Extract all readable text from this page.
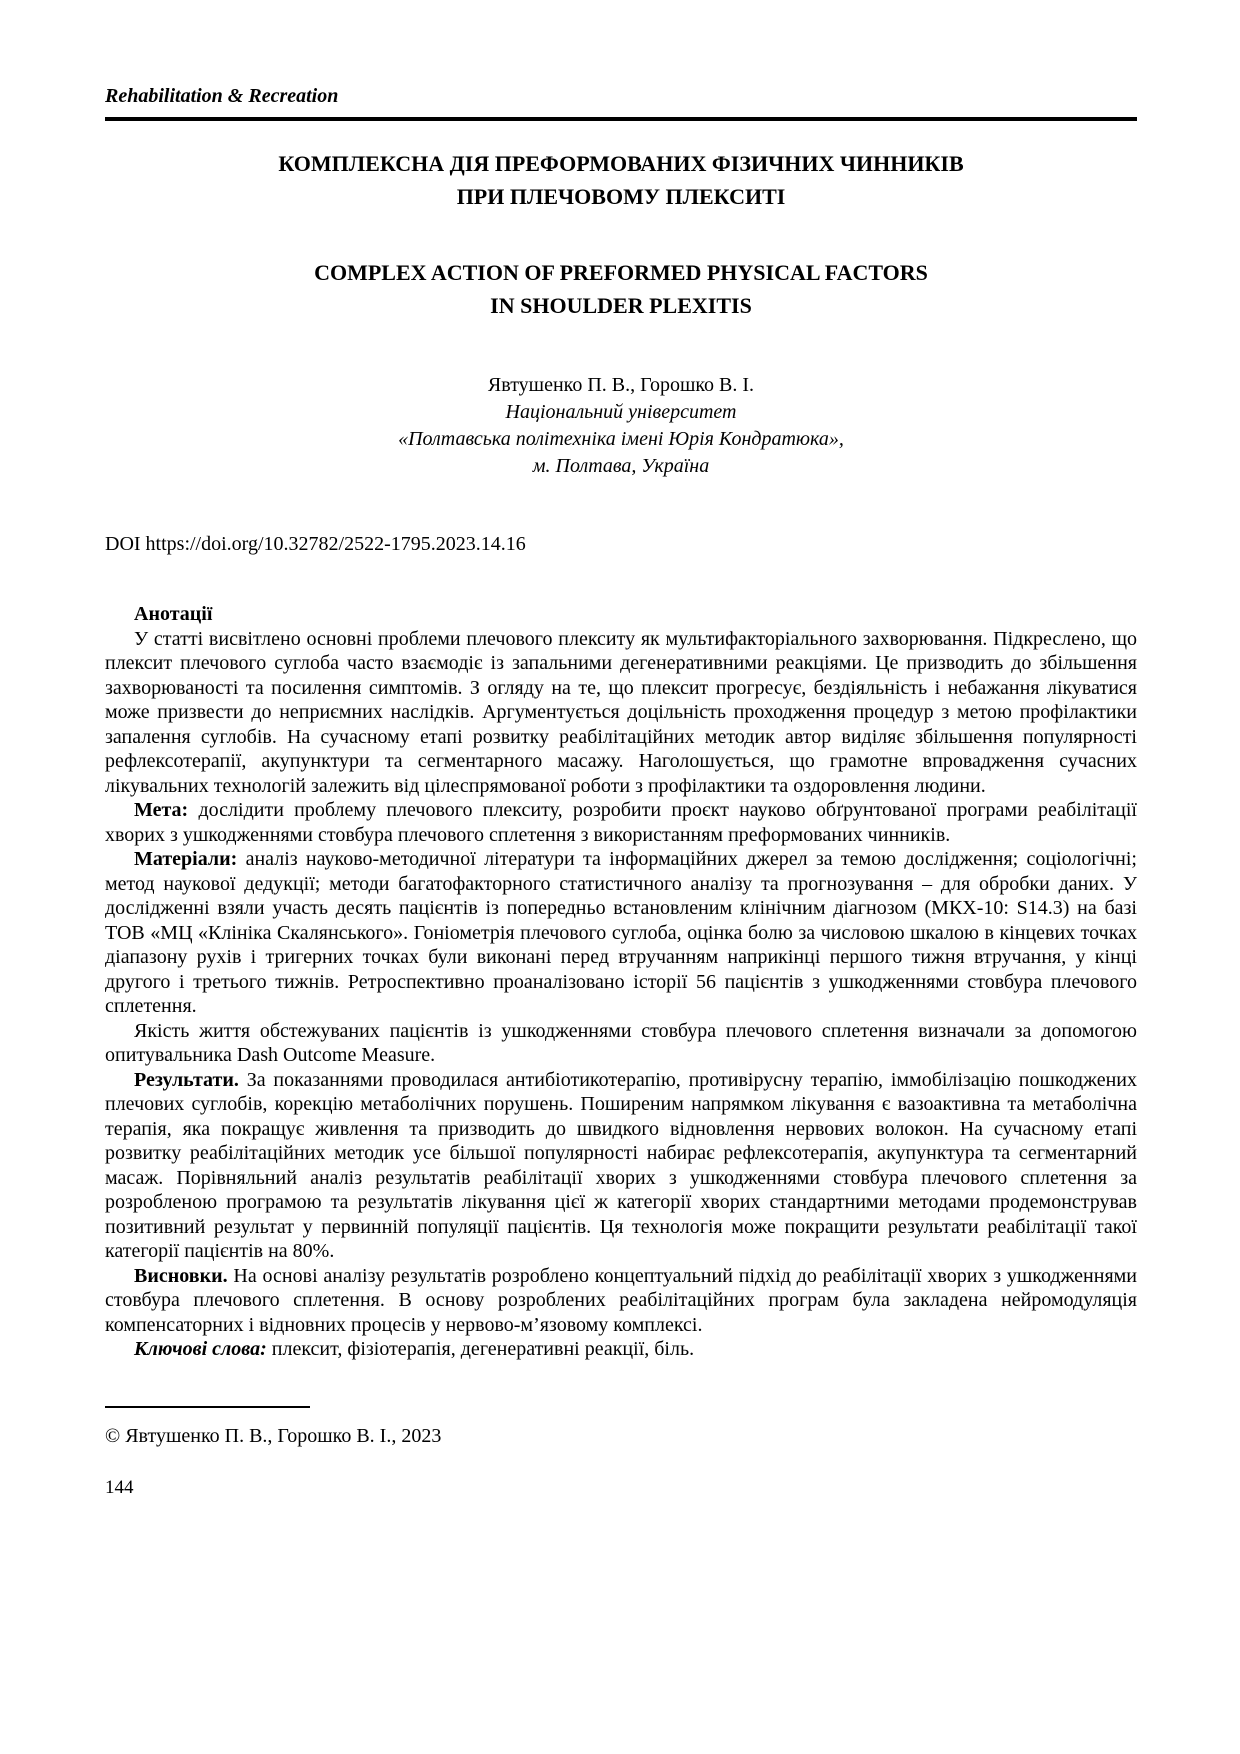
Rehabilitation & Recreation
КОМПЛЕКСНА ДІЯ ПРЕФОРМОВАНИХ ФІЗИЧНИХ ЧИННИКІВ
ПРИ ПЛЕЧОВОМУ ПЛЕКСИТІ
COMPLEX ACTION OF PREFORMED PHYSICAL FACTORS
IN SHOULDER PLEXITIS

Явтушенко П. В., Горошко В. І.

Національний університет
«Полтавська політехніка імені Юрія Кондратюка»,
м. Полтава, Україна

DOI https://doi.org/10.32782/2522-1795.2023.14.16

Анотації

У статті висвітлено основні проблеми плечового плекситу як мультифакторіального захворювання. Підкреслено, що плексит плечового суглоба часто взаємодіє із запальними дегенеративними реакціями. Це призводить до збільшення захворюваності та посилення симптомів. З огляду на те, що плексит прогресує, бездіяльність і небажання лікуватися може призвести до неприємних наслідків. Аргументується доцільність проходження процедур з метою профілактики запалення суглобів. На сучасному етапі розвитку реабілітаційних методик автор виділяє збільшення популярності рефлексотерапії, акупунктури та сегментарного масажу. Наголошується, що грамотне впровадження сучасних лікувальних технологій залежить від цілеспрямованої роботи з профілактики та оздоровлення людини.

Мета: дослідити проблему плечового плекситу, розробити проєкт науково обґрунтованої програми реабілітації хворих з ушкодженнями стовбура плечового сплетення з використанням преформованих чинників.

Матеріали: аналіз науково-методичної літератури та інформаційних джерел за темою дослідження; соціологічні; метод наукової дедукції; методи багатофакторного статистичного аналізу та прогнозування – для обробки даних. У дослідженні взяли участь десять пацієнтів із попередньо встановленим клінічним діагнозом (МКХ-10: S14.3) на базі ТОВ «МЦ «Клініка Скалянського». Гоніометрія плечового суглоба, оцінка болю за числовою шкалою в кінцевих точках діапазону рухів і тригерних точках були виконані перед втручанням наприкінці першого тижня втручання, у кінці другого і третього тижнів. Ретроспективно проаналізовано історії 56 пацієнтів з ушкодженнями стовбура плечового сплетення.

Якість життя обстежуваних пацієнтів із ушкодженнями стовбура плечового сплетення визначали за допомогою опитувальника Dash Outcome Measure.

Результати. За показаннями проводилася антибіотикотерапію, противірусну терапію, іммобілізацію пошкоджених плечових суглобів, корекцію метаболічних порушень. Поширеним напрямком лікування є вазоактивна та метаболічна терапія, яка покращує живлення та призводить до швидкого відновлення нервових волокон. На сучасному етапі розвитку реабілітаційних методик усе більшої популярності набирає рефлексотерапія, акупунктура та сегментарний масаж. Порівняльний аналіз результатів реабілітації хворих з ушкодженнями стовбура плечового сплетення за розробленою програмою та результатів лікування цієї ж категорії хворих стандартними методами продемонстрував позитивний результат у первинній популяції пацієнтів. Ця технологія може покращити результати реабілітації такої категорії пацієнтів на 80%.

Висновки. На основі аналізу результатів розроблено концептуальний підхід до реабілітації хворих з ушкодженнями стовбура плечового сплетення. В основу розроблених реабілітаційних програм була закладена нейромодуляція компенсаторних і відновних процесів у нервово-м’язовому комплексі.

Ключові слова: плексит, фізіотерапія, дегенеративні реакції, біль.

© Явтушенко П. В., Горошко В. І., 2023

144
